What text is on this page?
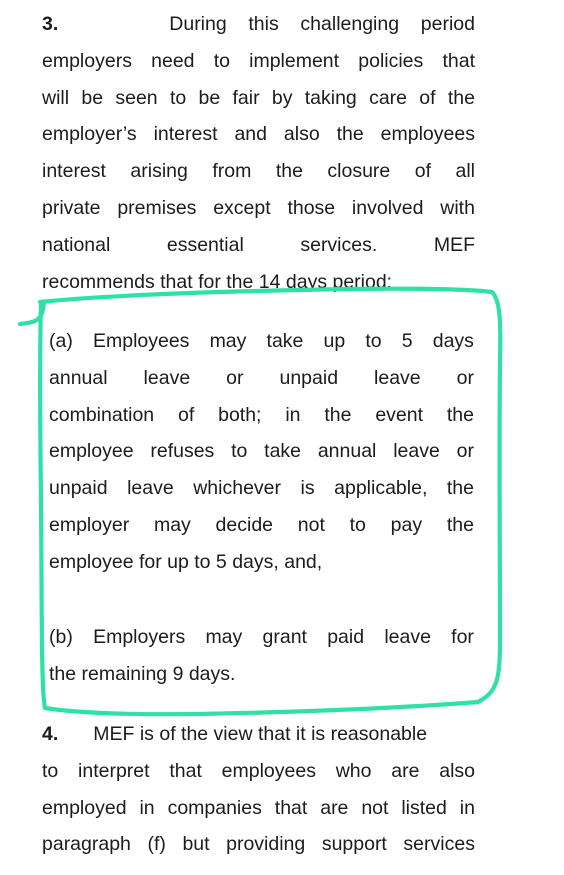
3.	During this challenging period
employers need to implement policies that
will be seen to be fair by taking care of the
employer’s interest and also the employees
interest arising from the closure of all
private premises except those involved with
national	essential	services.	MEF
recommends that for the 14 days period:
(a) Employees may take up to 5 days
annual leave or unpaid leave or
combination of both; in the event the
employee refuses to take annual leave or
unpaid leave whichever is applicable, the
employer may decide not to pay the
employee for up to 5 days, and,
(b) Employers may grant paid leave for
the remaining 9 days.
4. MEF is of the view that it is reasonable
to interpret that employees who are also
employed in companies that are not listed in
paragraph (f) but providing support services
